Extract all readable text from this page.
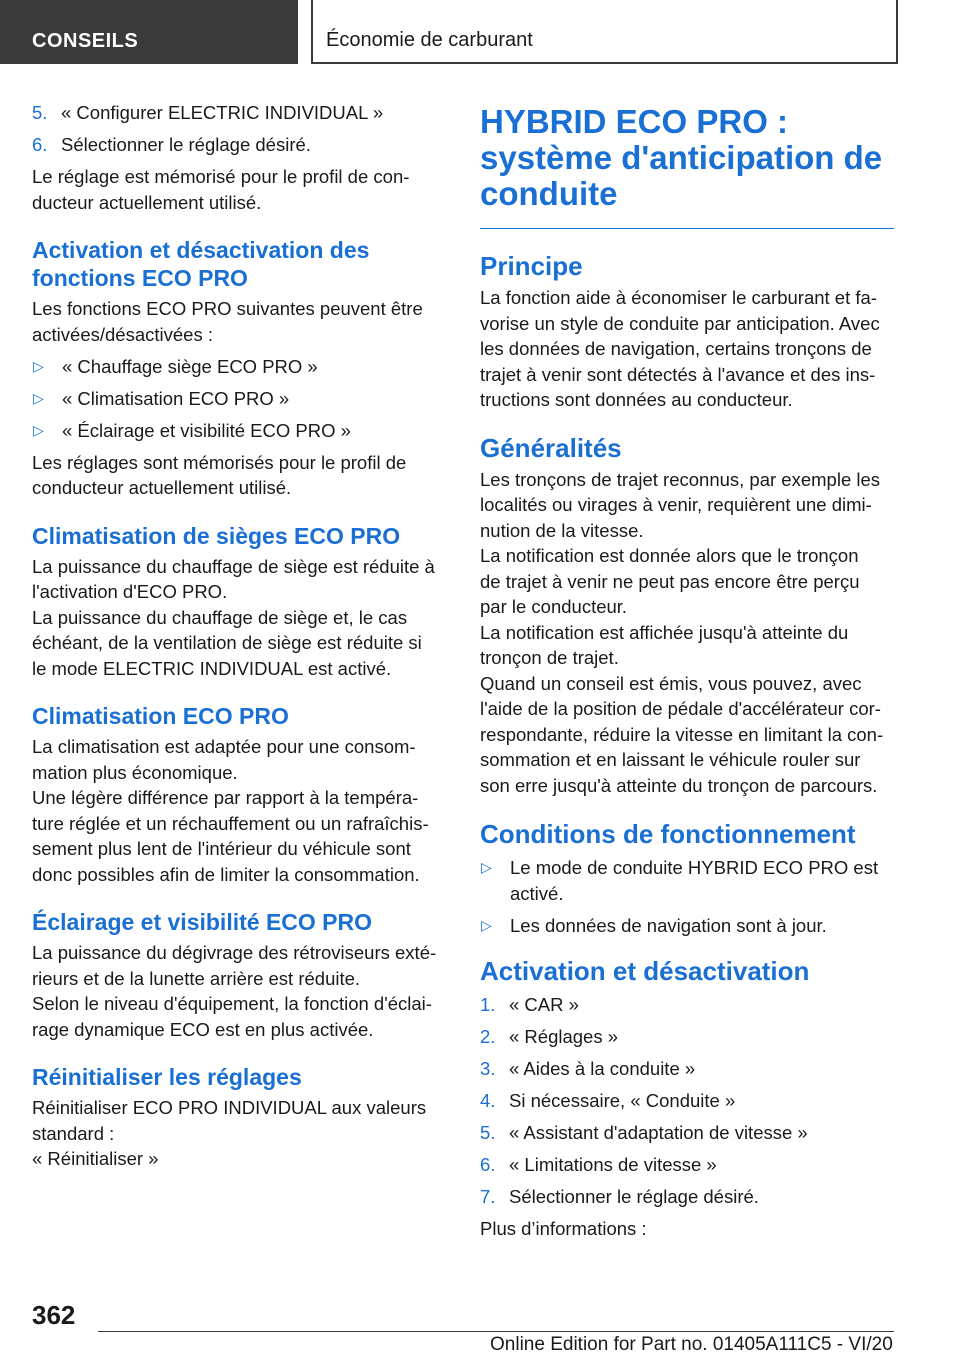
CONSEILS	Économie de carburant
5. « Configurer ELECTRIC INDIVIDUAL »
6. Sélectionner le réglage désiré.

Le réglage est mémorisé pour le profil de con-
ducteur actuellement utilisé.

Activation et désactivation des
fonctions ECO PRO

Les fonctions ECO PRO suivantes peuvent être
activées/désactivées :

▷ « Chauffage siège ECO PRO »
▷ « Climatisation ECO PRO »
▷ « Éclairage et visibilité ECO PRO »

Les réglages sont mémorisés pour le profil de
conducteur actuellement utilisé.

Climatisation de sièges ECO PRO

La puissance du chauffage de siège est réduite à
l'activation d'ECO PRO.

La puissance du chauffage de siège et, le cas
échéant, de la ventilation de siège est réduite si
le mode ELECTRIC INDIVIDUAL est activé.

Climatisation ECO PRO

La climatisation est adaptée pour une consom-
mation plus économique.

Une légère différence par rapport à la tempéra-
ture réglée et un réchauffement ou un rafraîchis-
sement plus lent de l'intérieur du véhicule sont
donc possibles afin de limiter la consommation.

Éclairage et visibilité ECO PRO

La puissance du dégivrage des rétroviseurs exté-
rieurs et de la lunette arrière est réduite.

Selon le niveau d'équipement, la fonction d'éclai-
rage dynamique ECO est en plus activée.

Réinitialiser les réglages

Réinitialiser ECO PRO INDIVIDUAL aux valeurs
standard :

« Réinitialiser »

HYBRID ECO PRO :
système d'anticipation de
conduite
Principe

La fonction aide à économiser le carburant et fa-
vorise un style de conduite par anticipation. Avec
les données de navigation, certains tronçons de
trajet à venir sont détectés à l'avance et des ins-
tructions sont données au conducteur.

Généralités

Les tronçons de trajet reconnus, par exemple les
localités ou virages à venir, requièrent une dimi-
nution de la vitesse.

La notification est donnée alors que le tronçon
de trajet à venir ne peut pas encore être perçu
par le conducteur.

La notification est affichée jusqu'à atteinte du
tronçon de trajet.

Quand un conseil est émis, vous pouvez, avec
l'aide de la position de pédale d'accélérateur cor-
respondante, réduire la vitesse en limitant la con-
sommation et en laissant le véhicule rouler sur
son erre jusqu'à atteinte du tronçon de parcours.

Conditions de fonctionnement
▷ Le mode de conduite HYBRID ECO PRO est
activé.
▷ Les données de navigation sont à jour.
Activation et désactivation
1. « CAR »
2. « Réglages »
3. « Aides à la conduite »
4. Si nécessaire, « Conduite »
5. « Assistant d'adaptation de vitesse »
6. « Limitations de vitesse »
7. Sélectionner le réglage désiré.

Plus d’informations :

362
Online Edition for Part no. 01405A111C5 - VI/20
